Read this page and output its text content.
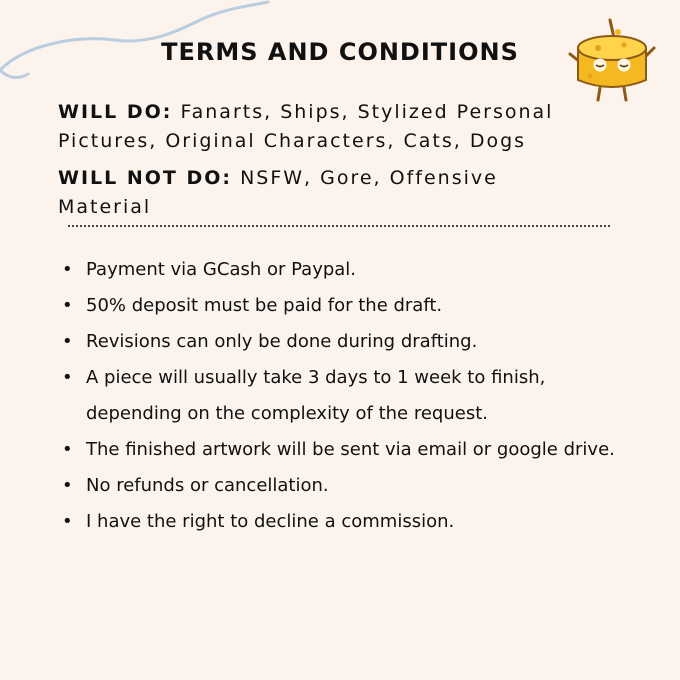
TERMS AND CONDITIONS

WILL DO: Fanarts, Ships, Stylized Personal Pictures, Original Characters, Cats, Dogs

WILL NOT DO: NSFW, Gore, Offensive Material

• Payment via GCash or Paypal.
• 50% deposit must be paid for the draft.
• Revisions can only be done during drafting.
• A piece will usually take 3 days to 1 week to finish, depending on the complexity of the request.
• The finished artwork will be sent via email or google drive.
• No refunds or cancellation.
• I have the right to decline a commission.
